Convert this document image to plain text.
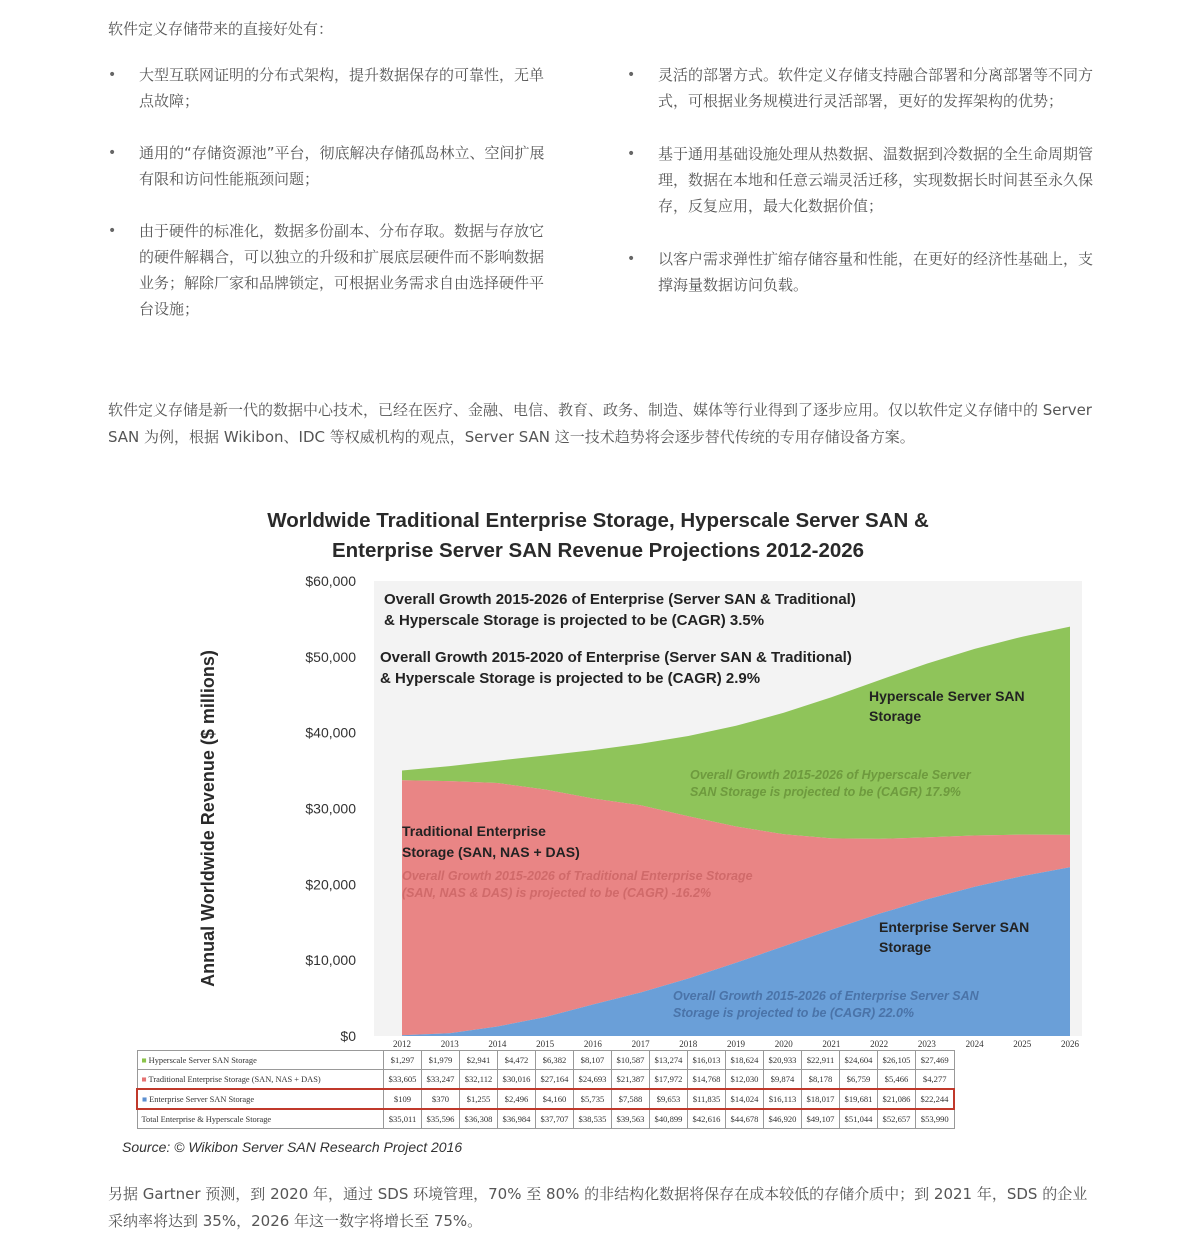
软件定义存储带来的直接好处有：
• 大型互联网证明的分布式架构，提升数据保存的可靠性，无单点故障；
• 通用的“存储资源池”平台，彻底解决存储孤岛林立、空间扩展有限和访问性能瓶颈问题；
• 由于硬件的标准化，数据多份副本、分布存取。数据与存放它的硬件解耦合，可以独立的升级和扩展底层硬件而不影响数据业务；解除厂家和品牌锁定，可根据业务需求自由选择硬件平台设施；
• 灵活的部署方式。软件定义存储支持融合部署和分离部署等不同方式，可根据业务规模进行灵活部署，更好的发挥架构的优势；
• 基于通用基础设施处理从热数据、温数据到冷数据的全生命周期管理，数据在本地和任意云端灵活迁移，实现数据长时间甚至永久保存，反复应用，最大化数据价值；
• 以客户需求弹性扩缩存储容量和性能，在更好的经济性基础上，支撑海量数据访问负载。
软件定义存储是新一代的数据中心技术，已经在医疗、金融、电信、教育、政务、制造、媒体等行业得到了逐步应用。仅以软件定义存储中的 Server SAN 为例，根据 Wikibon、IDC 等权威机构的观点，Server SAN 这一技术趋势将会逐步替代传统的专用存储设备方案。
Worldwide Traditional Enterprise Storage, Hyperscale Server SAN &
Enterprise Server SAN Revenue Projections 2012-2026
$0
$10,000
$20,000
$30,000
$40,000
$50,000
$60,000
2012	2013	2014	2015	2016	2017	2018	2019	2020	2021	2022	2023	2024	2025	2026
Annual Worldwide Revenue ($ millions)
Overall Growth 2015-2026 of Enterprise (Server SAN & Traditional)
& Hyperscale Storage is projected to be (CAGR) 3.5%
Overall Growth 2015-2020 of Enterprise (Server SAN & Traditional)
& Hyperscale Storage is projected to be (CAGR) 2.9%
Hyperscale Server SAN
Storage
Overall Growth 2015-2026 of Hyperscale Server
SAN Storage is projected to be (CAGR) 17.9%
Traditional Enterprise
Storage (SAN, NAS + DAS)
Overall Growth 2015-2026 of Traditional Enterprise Storage
(SAN, NAS & DAS) is projected to be (CAGR) -16.2%
Enterprise Server SAN
Storage
Overall Growth 2015-2026 of Enterprise Server SAN
Storage is projected to be (CAGR) 22.0%
■ Hyperscale Server SAN Storage	$1,297	$1,979	$2,941	$4,472	$6,382	$8,107	$10,587	$13,274	$16,013	$18,624	$20,933	$22,911	$24,604	$26,105	$27,469
■ Traditional Enterprise Storage (SAN, NAS + DAS)	$33,605	$33,247	$32,112	$30,016	$27,164	$24,693	$21,387	$17,972	$14,768	$12,030	$9,874	$8,178	$6,759	$5,466	$4,277
■ Enterprise Server SAN Storage	$109	$370	$1,255	$2,496	$4,160	$5,735	$7,588	$9,653	$11,835	$14,024	$16,113	$18,017	$19,681	$21,086	$22,244
Total Enterprise & Hyperscale Storage	$35,011	$35,596	$36,308	$36,984	$37,707	$38,535	$39,563	$40,899	$42,616	$44,678	$46,920	$49,107	$51,044	$52,657	$53,990
Source: © Wikibon Server SAN Research Project 2016
另据 Gartner 预测，到 2020 年，通过 SDS 环境管理，70% 至 80% 的非结构化数据将保存在成本较低的存储介质中；到 2021 年，SDS 的企业采纳率将达到 35%，2026 年这一数字将增长至 75%。
